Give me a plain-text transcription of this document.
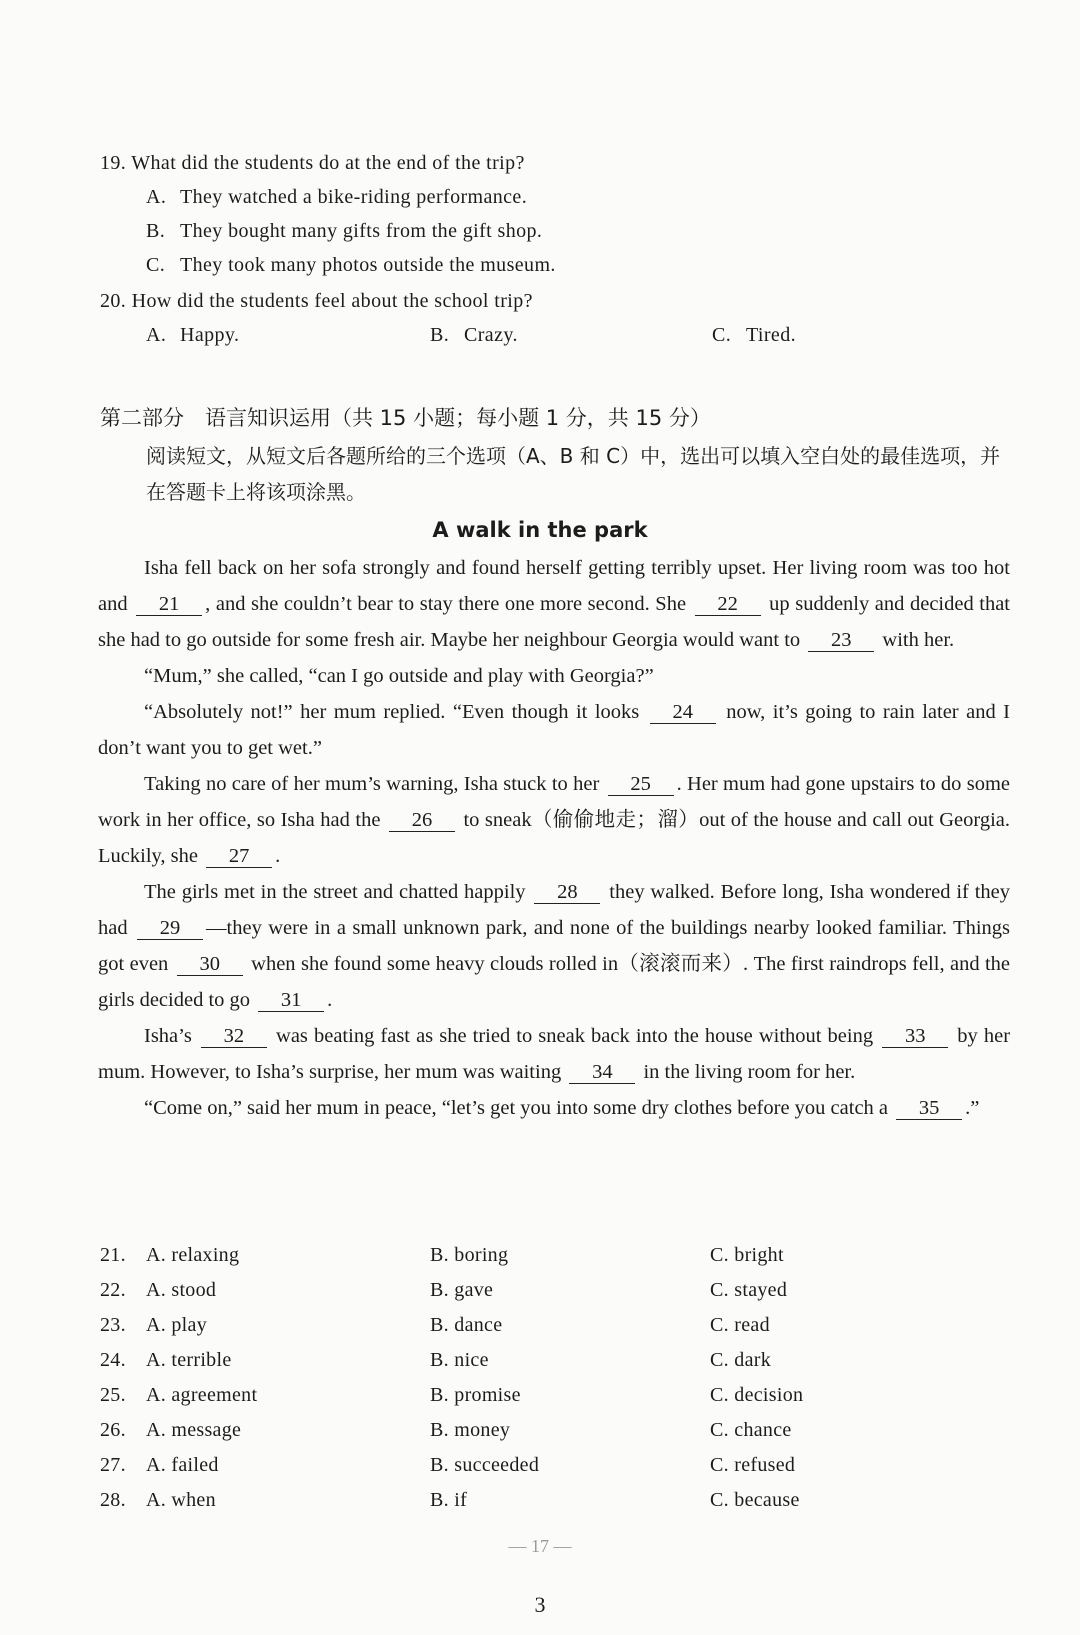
19. What did the students do at the end of the trip?
A. They watched a bike-riding performance.
B. They bought many gifts from the gift shop.
C. They took many photos outside the museum.
20. How did the students feel about the school trip?
A. Happy.	B. Crazy.	C. Tired.
第二部分　语言知识运用（共 15 小题；每小题 1 分，共 15 分）
阅读短文，从短文后各题所给的三个选项（A、B 和 C）中，选出可以填入空白处的最佳选项，并在答题卡上将该项涂黑。
A walk in the park

Isha fell back on her sofa strongly and found herself getting terribly upset. Her living room was too hot and 21 , and she couldn’t bear to stay there one more second. She 22 up suddenly and decided that she had to go outside for some fresh air. Maybe her neighbour Georgia would want to 23 with her.

“Mum,” she called, “can I go outside and play with Georgia?”

“Absolutely not!” her mum replied. “Even though it looks 24 now, it’s going to rain later and I don’t want you to get wet.”

Taking no care of her mum’s warning, Isha stuck to her 25 . Her mum had gone upstairs to do some work in her office, so Isha had the 26 to sneak（偷偷地走；溜）out of the house and call out Georgia. Luckily, she 27 .

The girls met in the street and chatted happily 28 they walked. Before long, Isha wondered if they had 29 —they were in a small unknown park, and none of the buildings nearby looked familiar. Things got even 30 when she found some heavy clouds rolled in（滚滚而来）. The first raindrops fell, and the girls decided to go 31 .

Isha’s 32 was beating fast as she tried to sneak back into the house without being 33 by her mum. However, to Isha’s surprise, her mum was waiting 34 in the living room for her.

“Come on,” said her mum in peace, “let’s get you into some dry clothes before you catch a 35 .”

21. A. relaxing	B. boring	C. bright
22. A. stood	B. gave	C. stayed
23. A. play	B. dance	C. read
24. A. terrible	B. nice	C. dark
25. A. agreement	B. promise	C. decision
26. A. message	B. money	C. chance
27. A. failed	B. succeeded	C. refused
28. A. when	B. if	C. because
— 17 —
3
